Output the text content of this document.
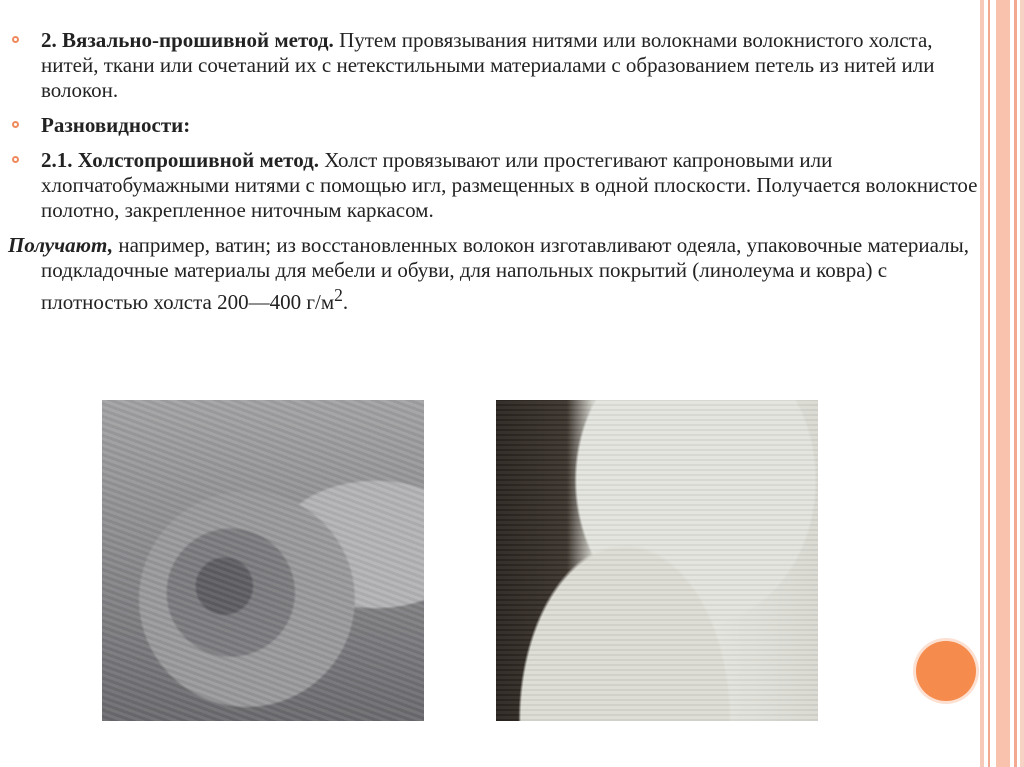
2. Вязально-прошивной метод. Путем провязывания нитями или волокнами волокнистого холста, нитей, ткани или сочетаний их с нетекстильными материалами с образованием петель из нитей или волокон.
Разновидности:
2.1. Холстопрошивной метод. Холст провязывают или простегивают капроновыми или хлопчатобумажными нитями с помощью игл, размещенных в одной плоскости. Получается волокнистое полотно, закрепленное ниточным каркасом.
Получают, например, ватин; из восстановленных волокон изготавливают одеяла, упаковочные материалы, подкладочные материалы для мебели и обуви, для напольных покрытий (линолеума и ковра) с плотностью холста 200—400 $г/м^2$.
